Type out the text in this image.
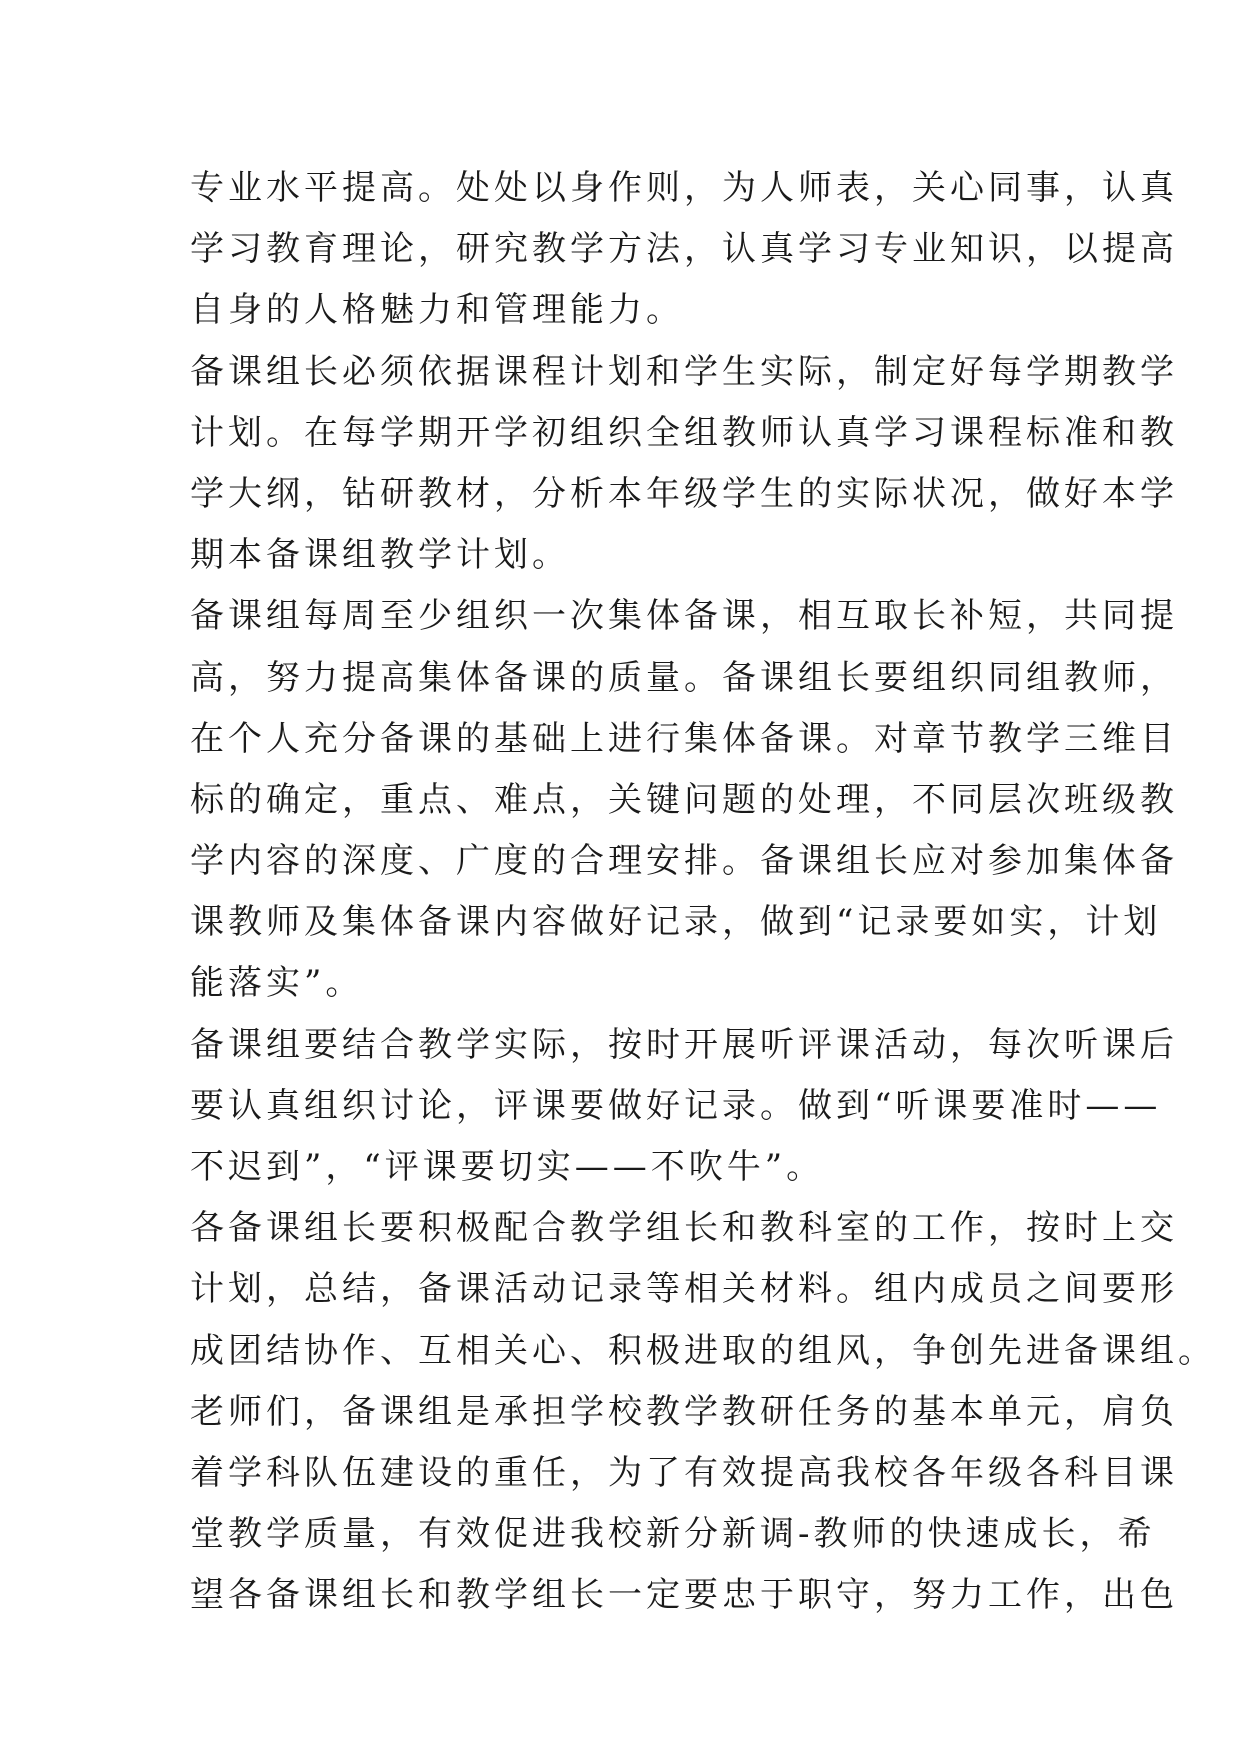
专业水平提高。处处以身作则，为人师表，关心同事，认真
学习教育理论，研究教学方法，认真学习专业知识，以提高
自身的人格魅力和管理能力。
备课组长必须依据课程计划和学生实际，制定好每学期教学
计划。在每学期开学初组织全组教师认真学习课程标准和教
学大纲，钻研教材，分析本年级学生的实际状况，做好本学
期本备课组教学计划。
备课组每周至少组织一次集体备课，相互取长补短，共同提
高，努力提高集体备课的质量。备课组长要组织同组教师，
在个人充分备课的基础上进行集体备课。对章节教学三维目
标的确定，重点、难点，关键问题的处理，不同层次班级教
学内容的深度、广度的合理安排。备课组长应对参加集体备
课教师及集体备课内容做好记录，做到“记录要如实，计划
能落实”。
备课组要结合教学实际，按时开展听评课活动，每次听课后
要认真组织讨论，评课要做好记录。做到“听课要准时——
不迟到”，“评课要切实——不吹牛”。
各备课组长要积极配合教学组长和教科室的工作，按时上交
计划，总结，备课活动记录等相关材料。组内成员之间要形
成团结协作、互相关心、积极进取的组风，争创先进备课组。
老师们，备课组是承担学校教学教研任务的基本单元，肩负
着学科队伍建设的重任，为了有效提高我校各年级各科目课
堂教学质量，有效促进我校新分新调-教师的快速成长，希
望各备课组长和教学组长一定要忠于职守，努力工作，出色
